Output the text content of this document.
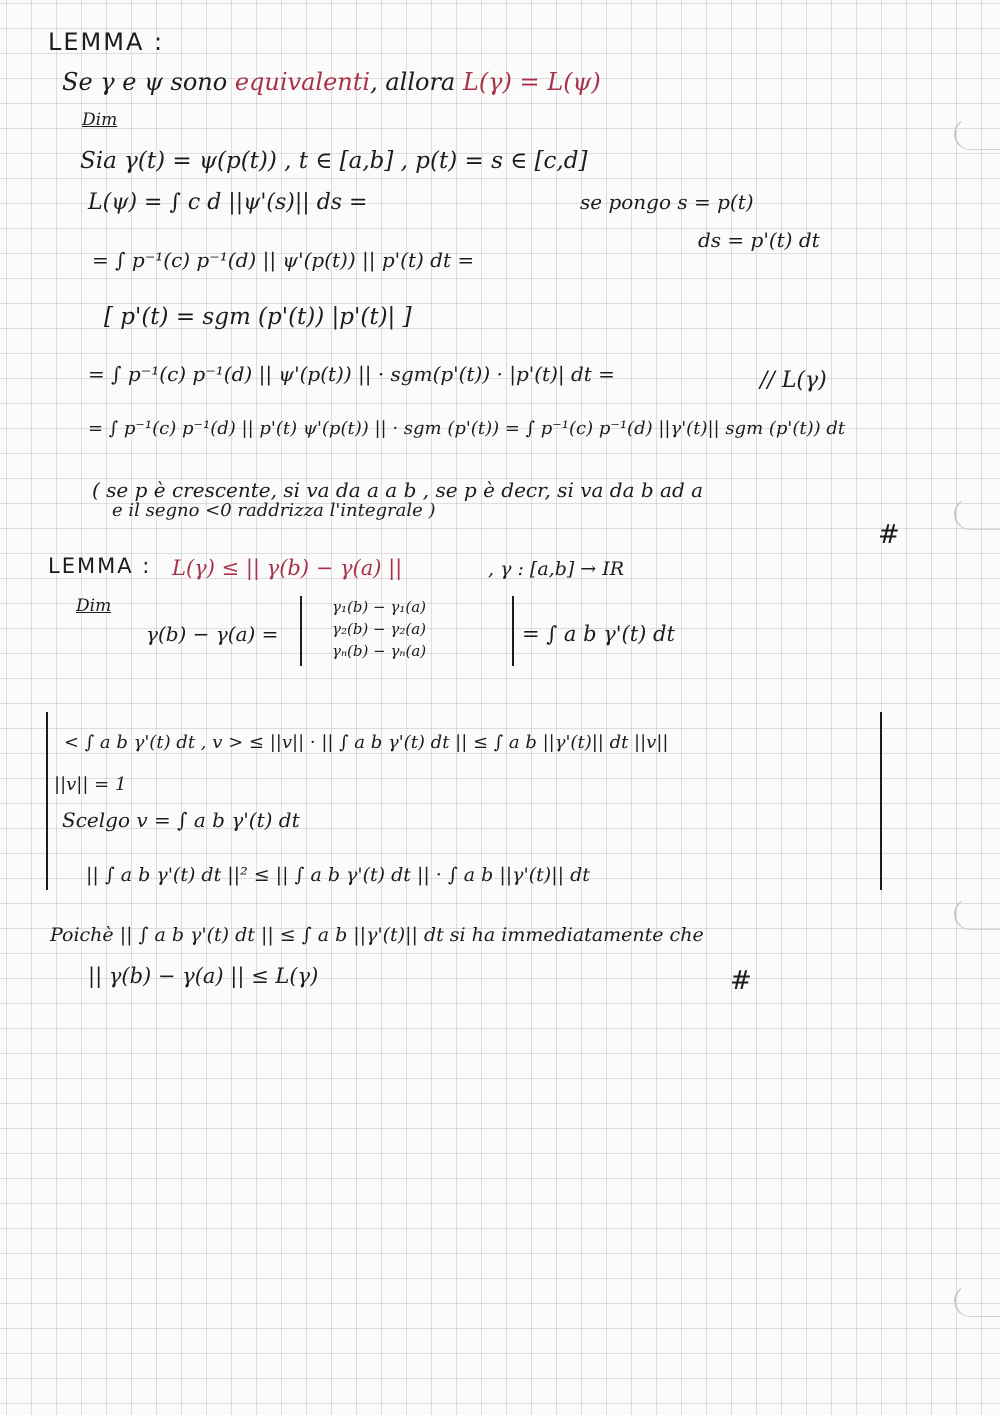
LEMMA :
Se γ e ψ sono equivalenti, allora L(γ) = L(ψ)
Dim
Sia γ(t) = ψ(p(t)) , t ∈ [a,b] , p(t) = s ∈ [c,d]
L(ψ) = ∫ c d ||ψ'(s)|| ds =	se pongo s = p(t)
ds = p'(t) dt
= ∫ p⁻¹(c) p⁻¹(d) || ψ'(p(t)) || p'(t) dt =
[ p'(t) = sgm (p'(t)) |p'(t)| ]
= ∫ p⁻¹(c) p⁻¹(d) || ψ'(p(t)) || · sgm(p'(t)) · |p'(t)| dt =	// L(γ)
= ∫ p⁻¹(c) p⁻¹(d) || p'(t) ψ'(p(t)) || · sgm (p'(t)) = ∫ p⁻¹(c) p⁻¹(d) ||γ'(t)|| sgm (p'(t)) dt
( se p è crescente, si va da a a b , se p è decr, si va da b ad a
e il segno <0 raddrizza l'integrale )
#
LEMMA : L(γ) ≤ || γ(b) − γ(a) ||	, γ : [a,b] → IR
Dim
γ(b) − γ(a) =
γ₁(b) − γ₁(a)
γ₂(b) − γ₂(a)
γₙ(b) − γₙ(a)
= ∫ a b γ'(t) dt
< ∫ a b γ'(t) dt , v > ≤ ||v|| · || ∫ a b γ'(t) dt || ≤ ∫ a b ||γ'(t)|| dt ||v||
||v|| = 1
Scelgo v = ∫ a b γ'(t) dt
|| ∫ a b γ'(t) dt ||² ≤ || ∫ a b γ'(t) dt || · ∫ a b ||γ'(t)|| dt
Poichè || ∫ a b γ'(t) dt || ≤ ∫ a b ||γ'(t)|| dt si ha immediatamente che
|| γ(b) − γ(a) || ≤ L(γ)	#
